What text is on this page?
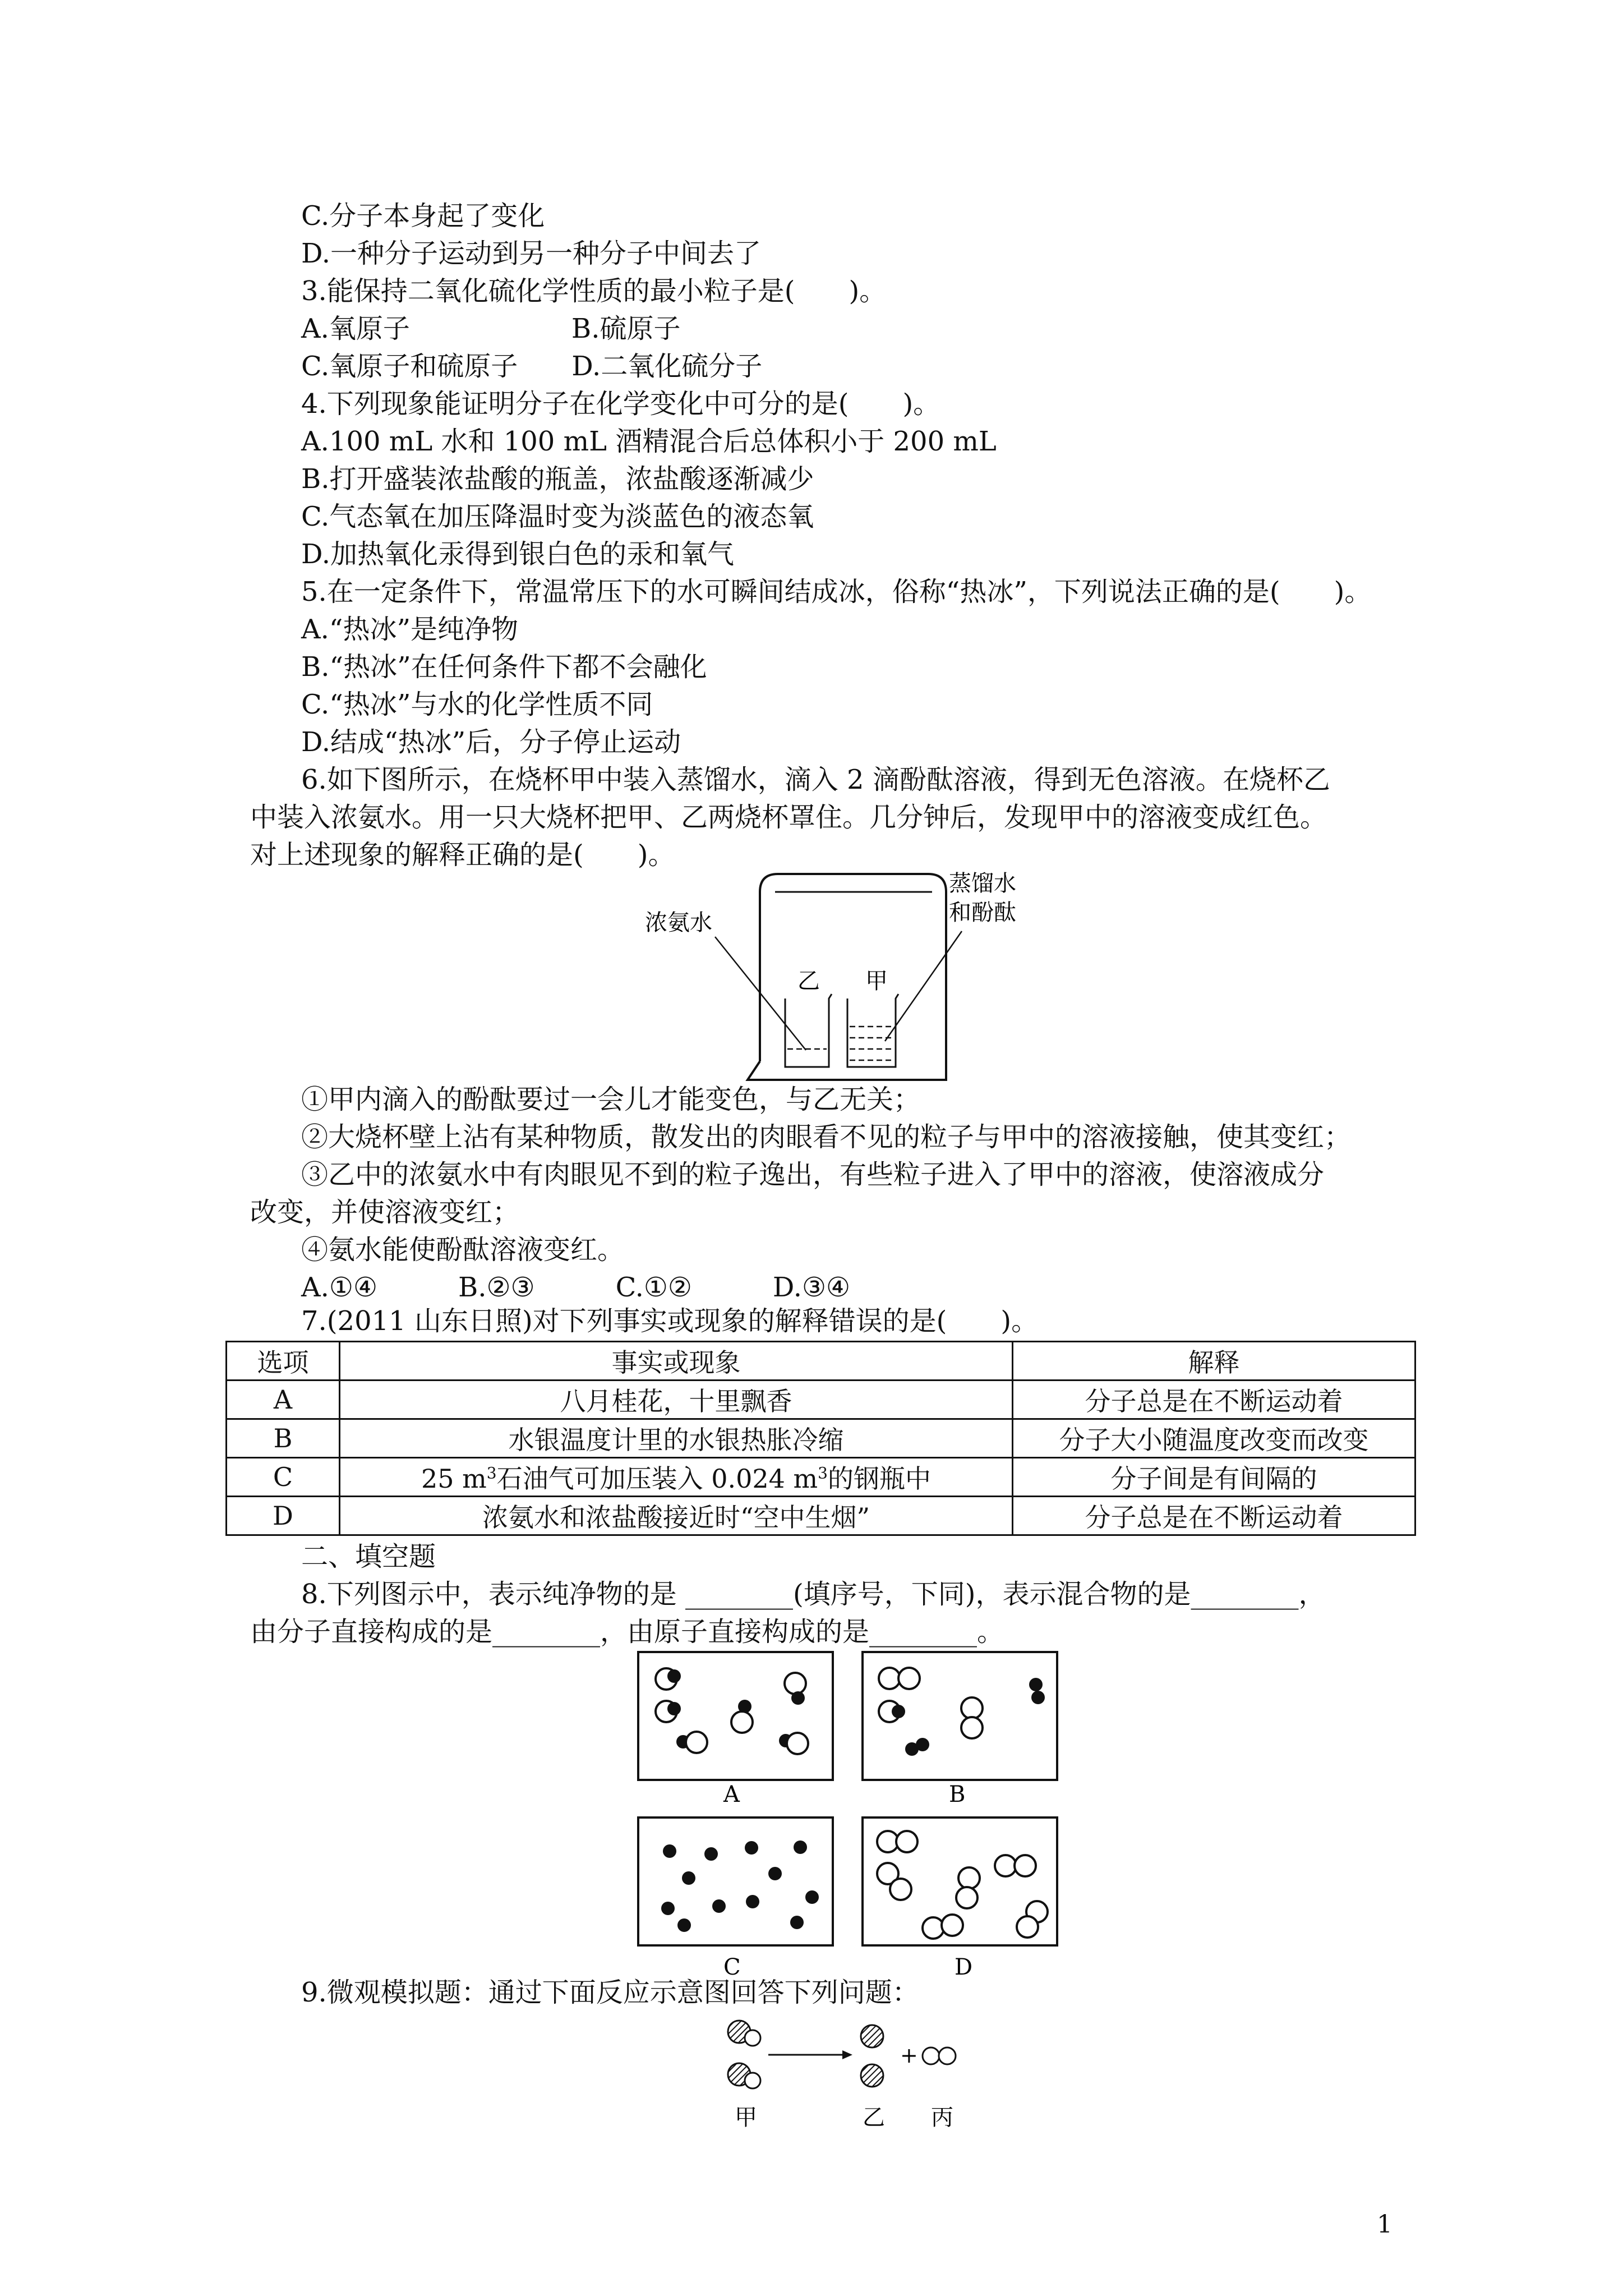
C.分子本身起了变化
D.一种分子运动到另一种分子中间去了
3.能保持二氧化硫化学性质的最小粒子是(　　)。
A.氧原子　　　　　　B.硫原子
C.氧原子和硫原子　　D.二氧化硫分子
4.下列现象能证明分子在化学变化中可分的是(　　)。
A.100 mL 水和 100 mL 酒精混合后总体积小于 200 mL
B.打开盛装浓盐酸的瓶盖，浓盐酸逐渐减少
C.气态氧在加压降温时变为淡蓝色的液态氧
D.加热氧化汞得到银白色的汞和氧气
5.在一定条件下，常温常压下的水可瞬间结成冰，俗称“热冰”，下列说法正确的是(　　)。
A.“热冰”是纯净物
B.“热冰”在任何条件下都不会融化
C.“热冰”与水的化学性质不同
D.结成“热冰”后，分子停止运动
6.如下图所示，在烧杯甲中装入蒸馏水，滴入 2 滴酚酞溶液，得到无色溶液。在烧杯乙
中装入浓氨水。用一只大烧杯把甲、乙两烧杯罩住。几分钟后，发现甲中的溶液变成红色。
对上述现象的解释正确的是(　　)。
浓氨水
蒸馏水
和酚酞
乙 甲
①甲内滴入的酚酞要过一会儿才能变色，与乙无关；
②大烧杯壁上沾有某种物质，散发出的肉眼看不见的粒子与甲中的溶液接触，使其变红；
③乙中的浓氨水中有肉眼见不到的粒子逸出，有些粒子进入了甲中的溶液，使溶液成分
改变，并使溶液变红；
④氨水能使酚酞溶液变红。
A.①④　　　B.②③　　　C.①②　　　D.③④
7.(2011 山东日照)对下列事实或现象的解释错误的是(　　)。
选项	事实或现象	解释
A	八月桂花，十里飘香	分子总是在不断运动着
B	水银温度计里的水银热胀冷缩	分子大小随温度改变而改变
C	25 $m^3$石油气可加压装入 0.024 $m^3$的钢瓶中	分子间是有间隔的
D	浓氨水和浓盐酸接近时“空中生烟”	分子总是在不断运动着
二、填空题
8.下列图示中，表示纯净物的是 ________(填序号，下同)，表示混合物的是________，
由分子直接构成的是________，由原子直接构成的是________。
A	B
C	D
9.微观模拟题：通过下面反应示意图回答下列问题：
+
甲	乙 丙
1
